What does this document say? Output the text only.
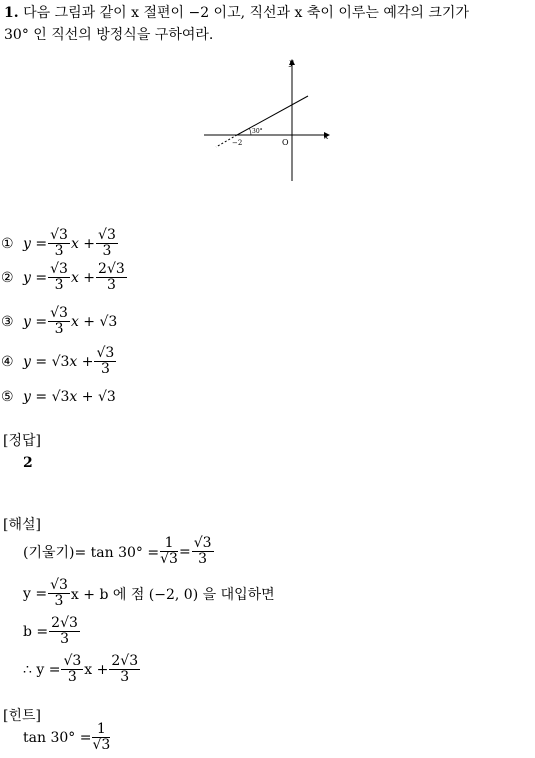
1. 다음 그림과 같이 x 절편이 −2 이고, 직선과 x 축이 이루는 예각의 크기가
30° 인 직선의 방정식을 구하여라.
y
x
O
−2
30°
① y
= $\frac{√3}{3}$ x
+ $\frac{√3}{3}$
② y
= $\frac{√3}{3}$ x
+ $\frac{2√3}{3}$
③ y
= $\frac{√3}{3}$ x
+
√3
④ y
=
√3 x
+ $\frac{√3}{3}$
⑤ y
=
√3 x
+
√3
[정답]
2
[해설]
(기울기)= $\tan 30^\circ = \frac{1}{√3} = \frac{√3}{3}$
$y = \frac{√3}{3}$ x + b 에 점 (−2, 0) 을 대입하면
$b = \frac{2√3}{3}$
∴ $y = \frac{√3}{3}$ $x + \frac{2√3}{3}$
[힌트]
$\tan 30^\circ = \frac{1}{√3}$
